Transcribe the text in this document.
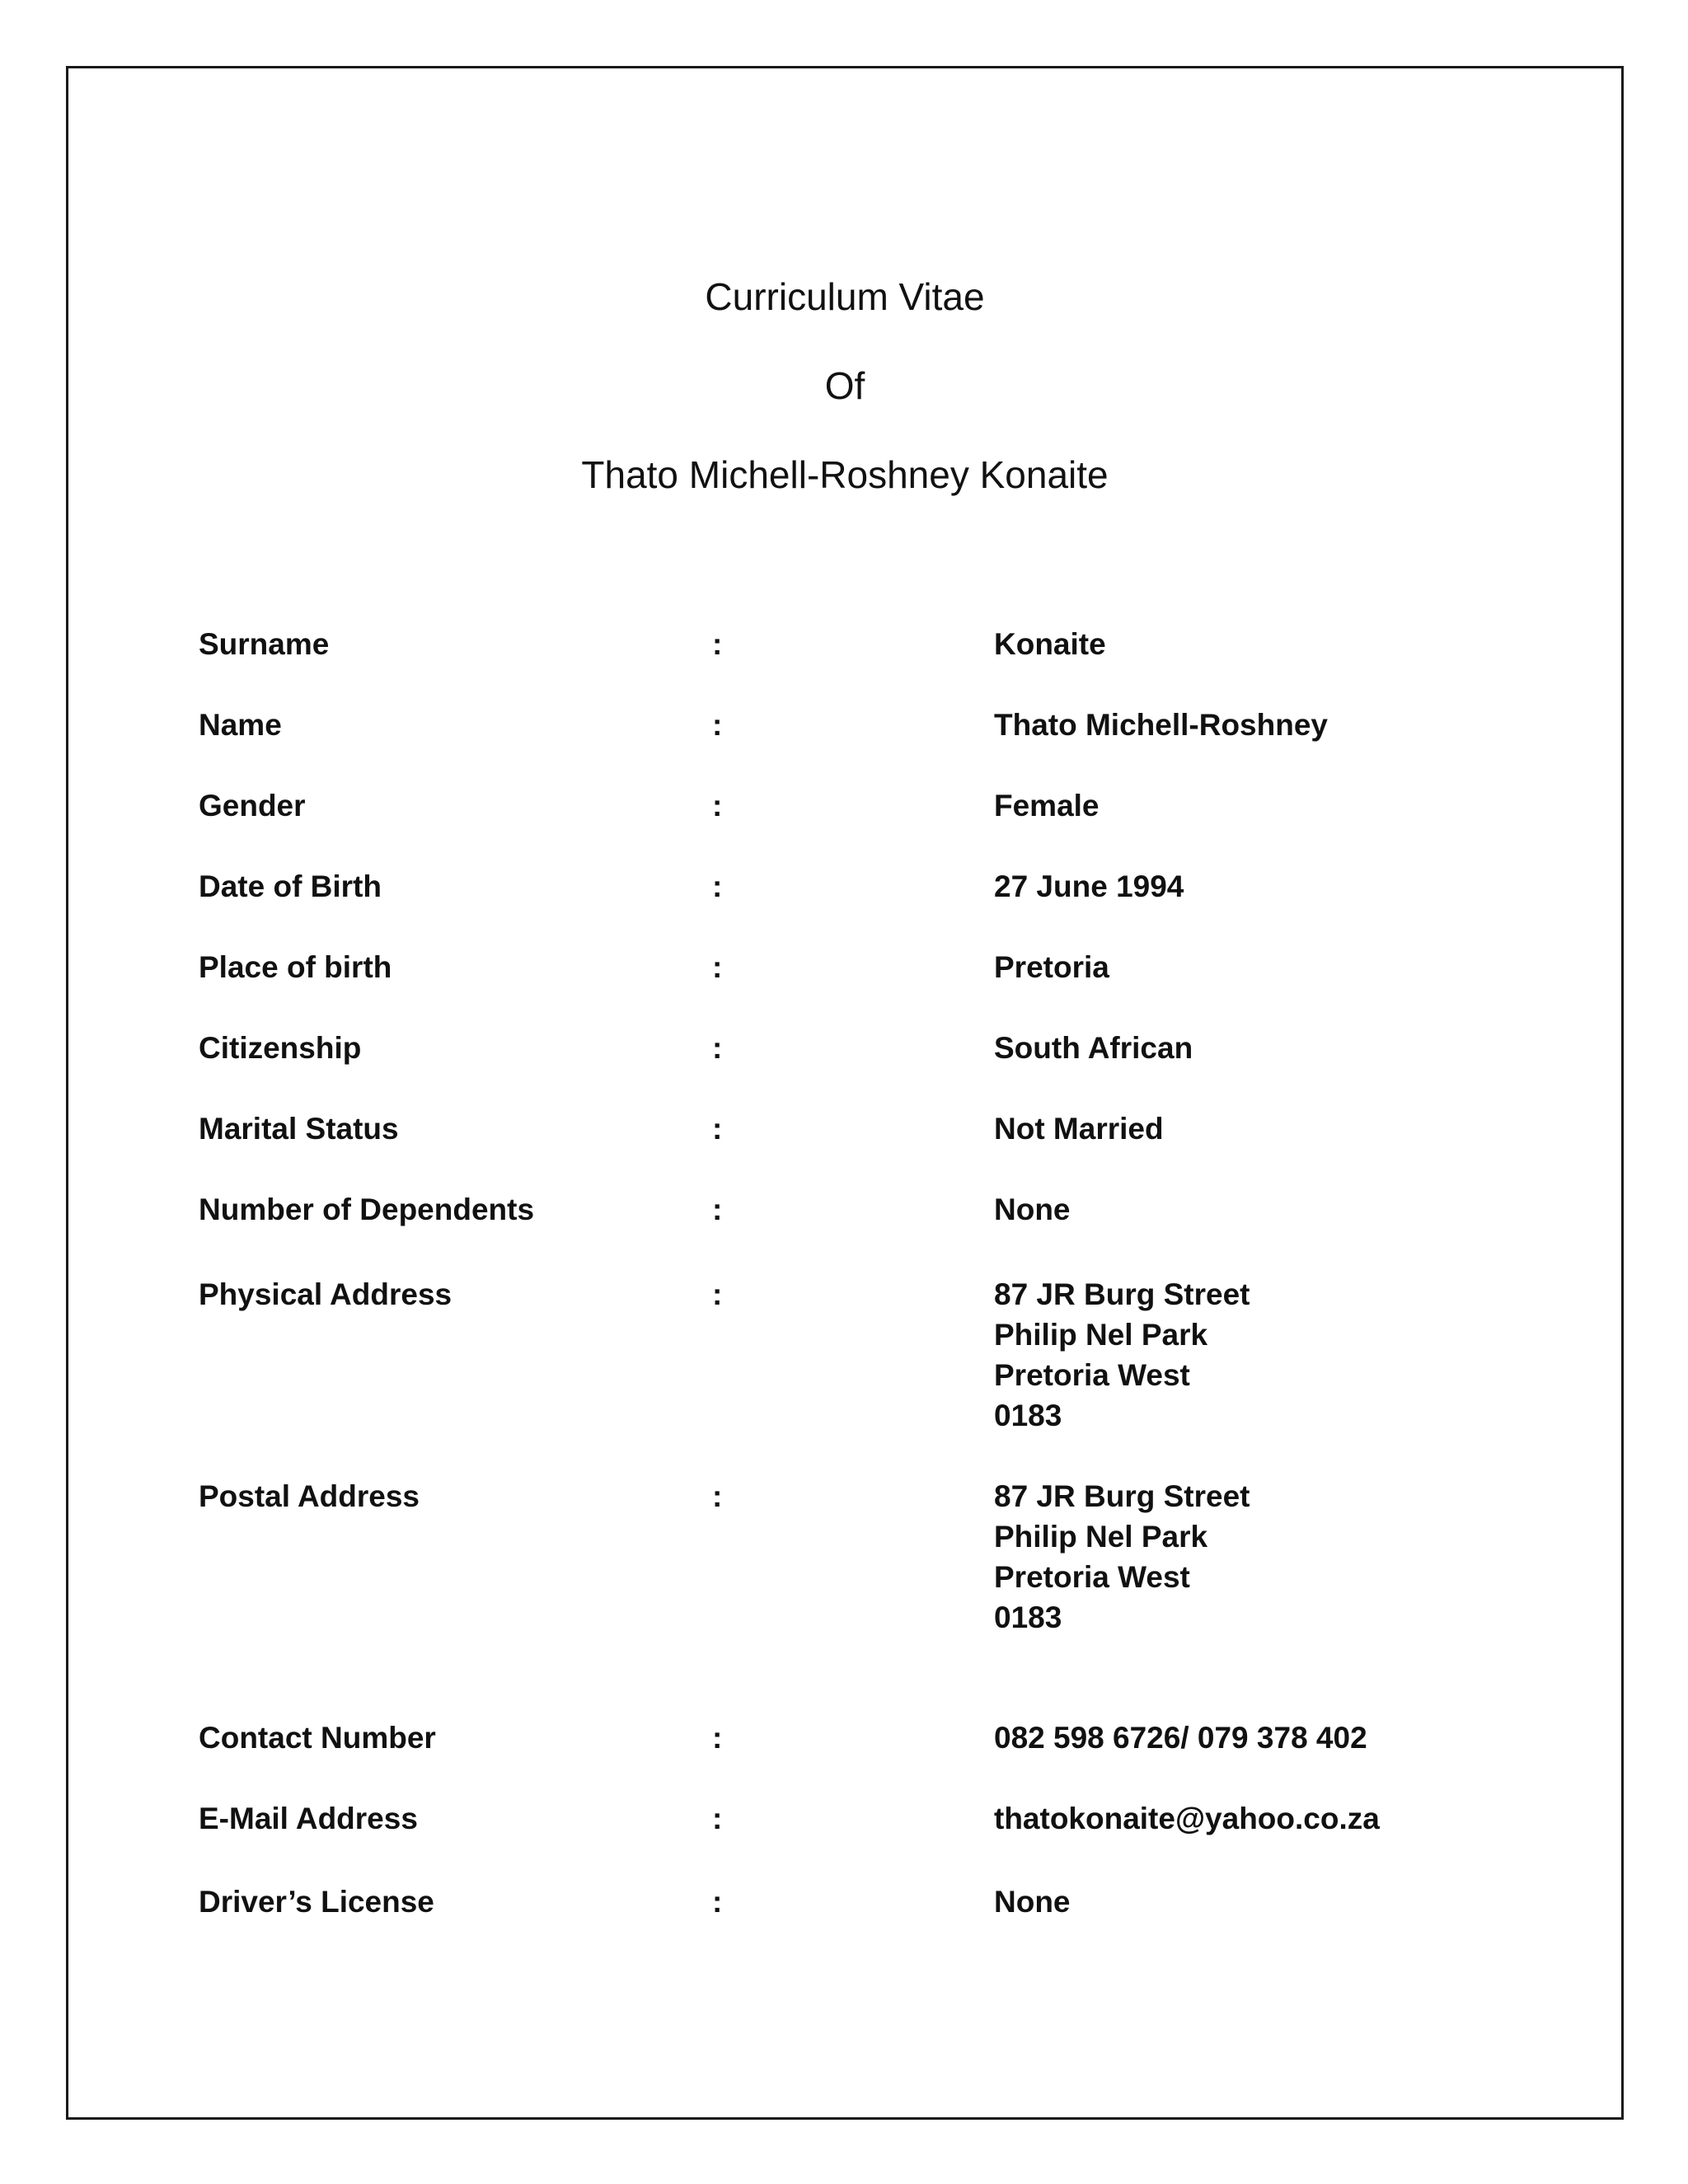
Curriculum Vitae
Of
Thato Michell-Roshney Konaite
Surname	:	Konaite
Name	:	Thato Michell-Roshney
Gender	:	Female
Date of Birth	:	27 June 1994
Place of birth	:	Pretoria
Citizenship	:	South African
Marital Status	:	Not Married
Number of Dependents	:	None
Physical Address	:	87 JR Burg Street
Philip Nel Park
Pretoria West
0183
Postal Address	:	87 JR Burg Street
Philip Nel Park
Pretoria West
0183
Contact Number	:	082 598 6726/ 079 378 402
E-Mail Address	:	thatokonaite@yahoo.co.za
Driver’s License	:	None
